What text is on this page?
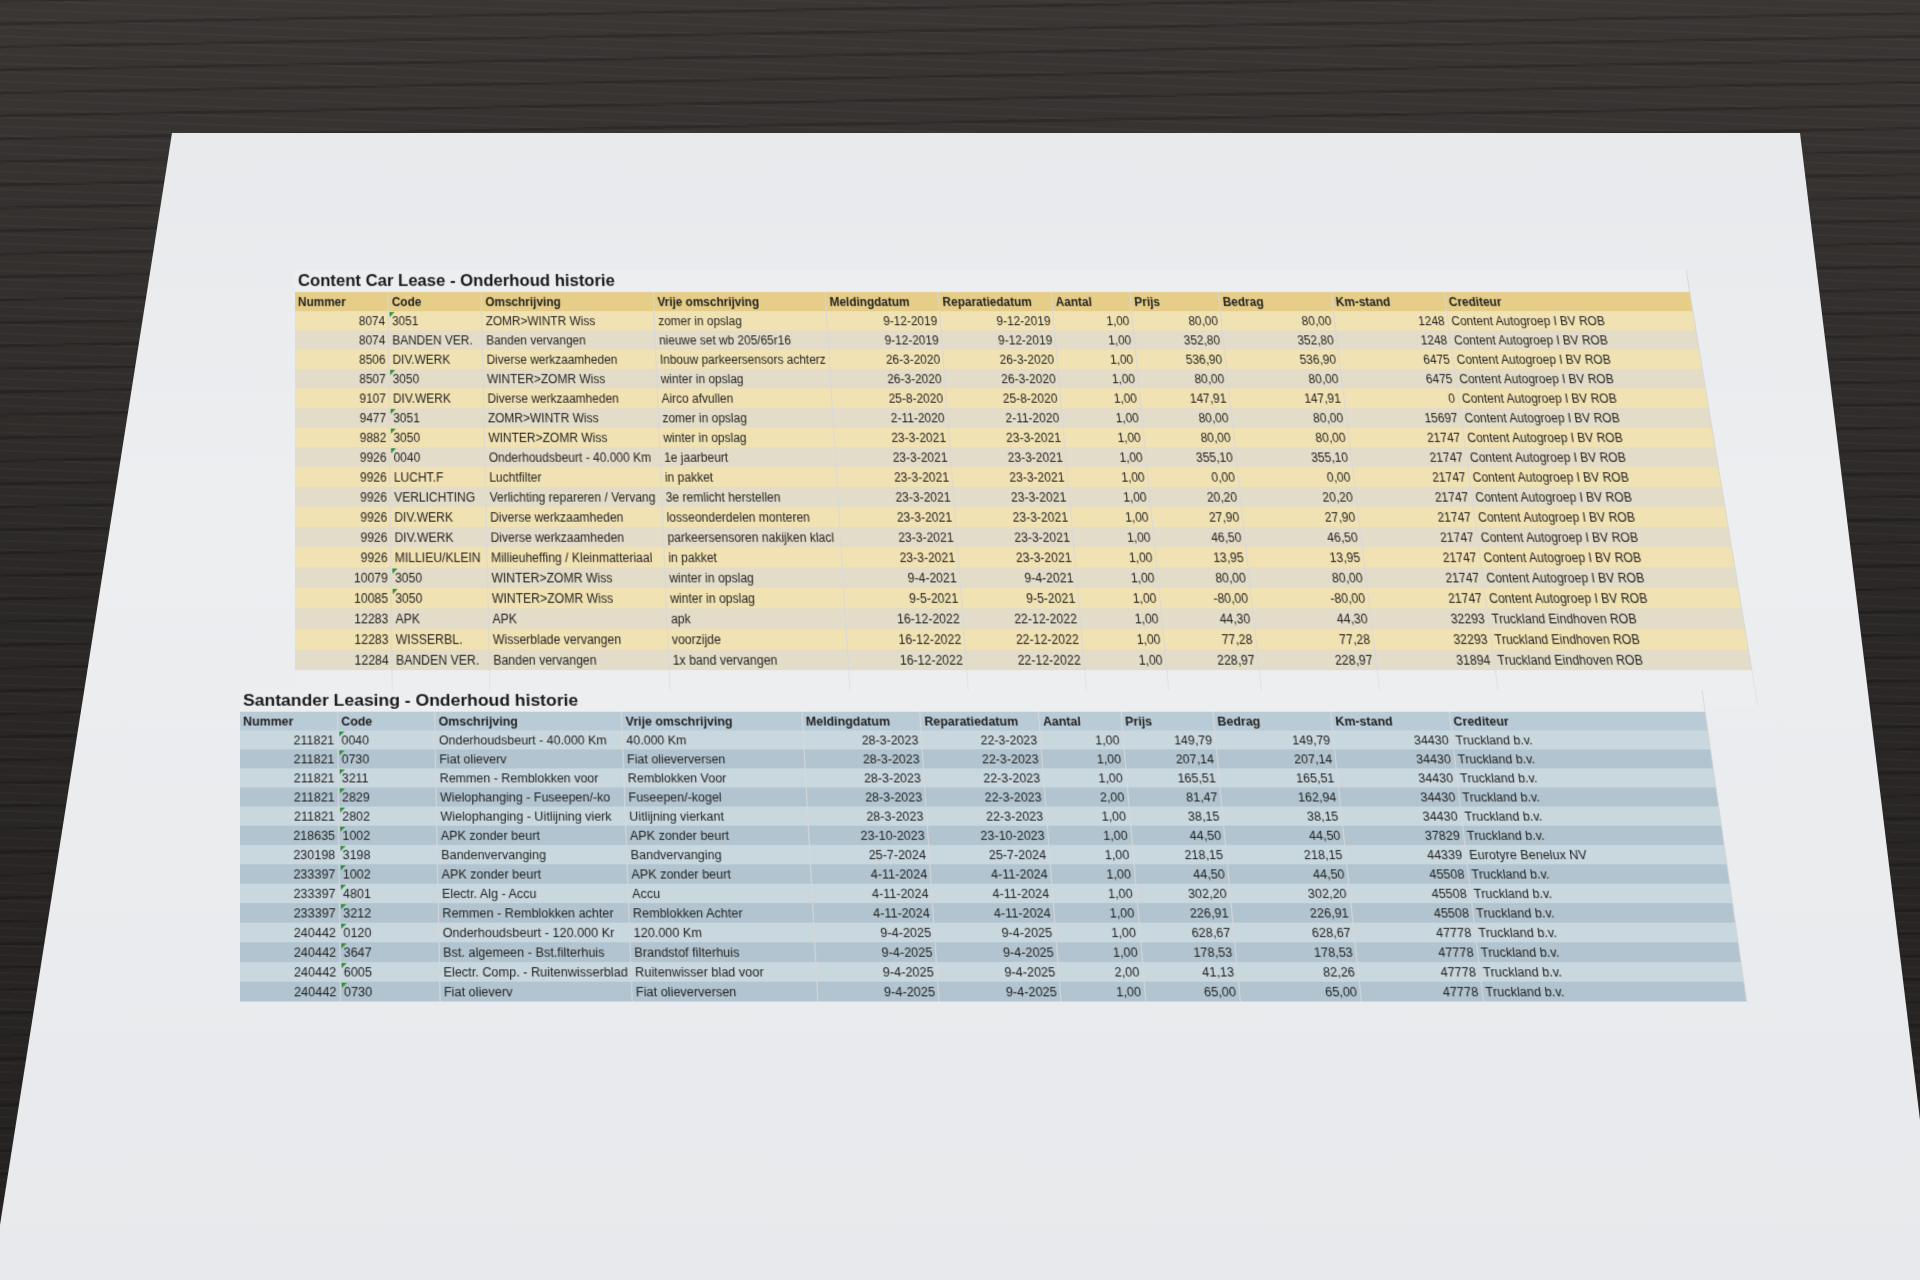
Content Car Lease - Onderhoud historie										
Nummer	Code	Omschrijving	Vrije omschrijving	Meldingdatum	Reparatiedatum	Aantal	Prijs	Bedrag	Km-stand	Crediteur
8074	3051	ZOMR>WINTR Wiss	zomer in opslag	9-12-2019	9-12-2019	1,00	80,00	80,00	1248	Content Autogroep I BV ROB
8074	BANDEN VER.	Banden vervangen	nieuwe set wb 205/65r16	9-12-2019	9-12-2019	1,00	352,80	352,80	1248	Content Autogroep I BV ROB
8506	DIV.WERK	Diverse werkzaamheden	Inbouw parkeersensors achterz	26-3-2020	26-3-2020	1,00	536,90	536,90	6475	Content Autogroep I BV ROB
8507	3050	WINTER>ZOMR Wiss	winter in opslag	26-3-2020	26-3-2020	1,00	80,00	80,00	6475	Content Autogroep I BV ROB
9107	DIV.WERK	Diverse werkzaamheden	Airco afvullen	25-8-2020	25-8-2020	1,00	147,91	147,91	0	Content Autogroep I BV ROB
9477	3051	ZOMR>WINTR Wiss	zomer in opslag	2-11-2020	2-11-2020	1,00	80,00	80,00	15697	Content Autogroep I BV ROB
9882	3050	WINTER>ZOMR Wiss	winter in opslag	23-3-2021	23-3-2021	1,00	80,00	80,00	21747	Content Autogroep I BV ROB
9926	0040	Onderhoudsbeurt - 40.000 Km	1e jaarbeurt	23-3-2021	23-3-2021	1,00	355,10	355,10	21747	Content Autogroep I BV ROB
9926	LUCHT.F	Luchtfilter	in pakket	23-3-2021	23-3-2021	1,00	0,00	0,00	21747	Content Autogroep I BV ROB
9926	VERLICHTING	Verlichting repareren / Vervang	3e remlicht herstellen	23-3-2021	23-3-2021	1,00	20,20	20,20	21747	Content Autogroep I BV ROB
9926	DIV.WERK	Diverse werkzaamheden	losseonderdelen monteren	23-3-2021	23-3-2021	1,00	27,90	27,90	21747	Content Autogroep I BV ROB
9926	DIV.WERK	Diverse werkzaamheden	parkeersensoren nakijken klacl	23-3-2021	23-3-2021	1,00	46,50	46,50	21747	Content Autogroep I BV ROB
9926	MILLIEU/KLEIN	Millieuheffing / Kleinmatteriaal	in pakket	23-3-2021	23-3-2021	1,00	13,95	13,95	21747	Content Autogroep I BV ROB
10079	3050	WINTER>ZOMR Wiss	winter in opslag	9-4-2021	9-4-2021	1,00	80,00	80,00	21747	Content Autogroep I BV ROB
10085	3050	WINTER>ZOMR Wiss	winter in opslag	9-5-2021	9-5-2021	1,00	-80,00	-80,00	21747	Content Autogroep I BV ROB
12283	APK	APK	apk	16-12-2022	22-12-2022	1,00	44,30	44,30	32293	Truckland Eindhoven ROB
12283	WISSERBL.	Wisserblade vervangen	voorzijde	16-12-2022	22-12-2022	1,00	77,28	77,28	32293	Truckland Eindhoven ROB
12284	BANDEN VER.	Banden vervangen	1x band vervangen	16-12-2022	22-12-2022	1,00	228,97	228,97	31894	Truckland Eindhoven ROB

Santander Leasing - Onderhoud historie										
Nummer	Code	Omschrijving	Vrije omschrijving	Meldingdatum	Reparatiedatum	Aantal	Prijs	Bedrag	Km-stand	Crediteur
211821	0040	Onderhoudsbeurt - 40.000 Km	40.000 Km	28-3-2023	22-3-2023	1,00	149,79	149,79	34430	Truckland b.v.
211821	0730	Fiat olieverv	Fiat olieverversen	28-3-2023	22-3-2023	1,00	207,14	207,14	34430	Truckland b.v.
211821	3211	Remmen - Remblokken voor	Remblokken Voor	28-3-2023	22-3-2023	1,00	165,51	165,51	34430	Truckland b.v.
211821	2829	Wielophanging - Fuseepen/-ko	Fuseepen/-kogel	28-3-2023	22-3-2023	2,00	81,47	162,94	34430	Truckland b.v.
211821	2802	Wielophanging - Uitlijning vierk	Uitlijning vierkant	28-3-2023	22-3-2023	1,00	38,15	38,15	34430	Truckland b.v.
218635	1002	APK zonder beurt	APK zonder beurt	23-10-2023	23-10-2023	1,00	44,50	44,50	37829	Truckland b.v.
230198	3198	Bandenvervanging	Bandvervanging	25-7-2024	25-7-2024	1,00	218,15	218,15	44339	Eurotyre Benelux NV
233397	1002	APK zonder beurt	APK zonder beurt	4-11-2024	4-11-2024	1,00	44,50	44,50	45508	Truckland b.v.
233397	4801	Electr. Alg - Accu	Accu	4-11-2024	4-11-2024	1,00	302,20	302,20	45508	Truckland b.v.
233397	3212	Remmen - Remblokken achter	Remblokken Achter	4-11-2024	4-11-2024	1,00	226,91	226,91	45508	Truckland b.v.
240442	0120	Onderhoudsbeurt - 120.000 Kr	120.000 Km	9-4-2025	9-4-2025	1,00	628,67	628,67	47778	Truckland b.v.
240442	3647	Bst. algemeen - Bst.filterhuis	Brandstof filterhuis	9-4-2025	9-4-2025	1,00	178,53	178,53	47778	Truckland b.v.
240442	6005	Electr. Comp. - Ruitenwisserblad	Ruitenwisser blad voor	9-4-2025	9-4-2025	2,00	41,13	82,26	47778	Truckland b.v.
240442	0730	Fiat olieverv	Fiat olieverversen	9-4-2025	9-4-2025	1,00	65,00	65,00	47778	Truckland b.v.
